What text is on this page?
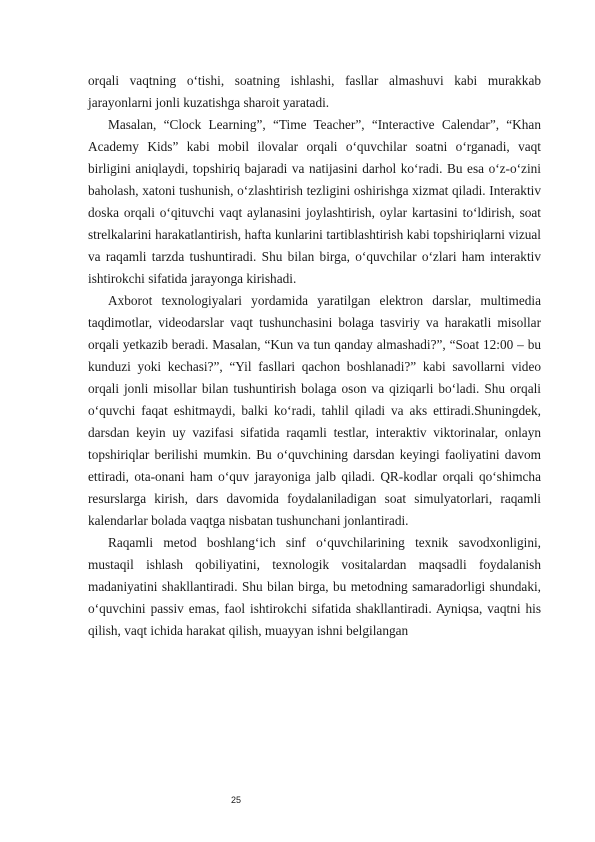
orqali vaqtning o‘tishi, soatning ishlashi, fasllar almashuvi kabi murakkab jarayonlarni jonli kuzatishga sharoit yaratadi.

Masalan, “Clock Learning”, “Time Teacher”, “Interactive Calendar”, “Khan Academy Kids” kabi mobil ilovalar orqali o‘quvchilar soatni o‘rganadi, vaqt birligini aniqlaydi, topshiriq bajaradi va natijasini darhol ko‘radi. Bu esa o‘z-o‘zini baholash, xatoni tushunish, o‘zlashtirish tezligini oshirishga xizmat qiladi. Interaktiv doska orqali o‘qituvchi vaqt aylanasini joylashtirish, oylar kartasini to‘ldirish, soat strelkalarini harakatlantirish, hafta kunlarini tartiblashtirish kabi topshiriqlarni vizual va raqamli tarzda tushuntiradi. Shu bilan birga, o‘quvchilar o‘zlari ham interaktiv ishtirokchi sifatida jarayonga kirishadi.

Axborot texnologiyalari yordamida yaratilgan elektron darslar, multimedia taqdimotlar, videodarslar vaqt tushunchasini bolaga tasviriy va harakatli misollar orqali yetkazib beradi. Masalan, “Kun va tun qanday almashadi?”, “Soat 12:00 – bu kunduzi yoki kechasi?”, “Yil fasllari qachon boshlanadi?” kabi savollarni video orqali jonli misollar bilan tushuntirish bolaga oson va qiziqarli bo‘ladi. Shu orqali o‘quvchi faqat eshitmaydi, balki ko‘radi, tahlil qiladi va aks ettiradi.Shuningdek, darsdan keyin uy vazifasi sifatida raqamli testlar, interaktiv viktorinalar, onlayn topshiriqlar berilishi mumkin. Bu o‘quvchining darsdan keyingi faoliyatini davom ettiradi, ota-onani ham o‘quv jarayoniga jalb qiladi. QR-kodlar orqali qo‘shimcha resurslarga kirish, dars davomida foydalaniladigan soat simulyatorlari, raqamli kalendarlar bolada vaqtga nisbatan tushunchani jonlantiradi.

Raqamli metod boshlang‘ich sinf o‘quvchilarining texnik savodxonligini, mustaqil ishlash qobiliyatini, texnologik vositalardan maqsadli foydalanish madaniyatini shakllantiradi. Shu bilan birga, bu metodning samaradorligi shundaki, o‘quvchini passiv emas, faol ishtirokchi sifatida shakllantiradi. Ayniqsa, vaqtni his qilish, vaqt ichida harakat qilish, muayyan ishni belgilangan

25
